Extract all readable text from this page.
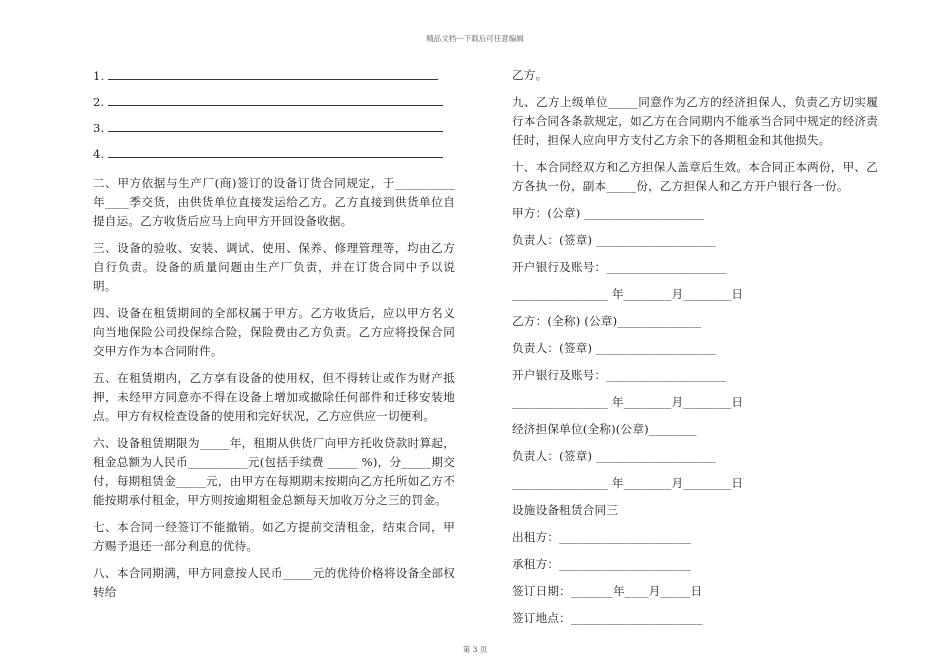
精品文档---下载后可任意编辑
1.
2.
3.
4.

二、甲方依据与生产厂(商)签订的设备订货合同规定，于__________年____季交货，由供货单位直接发运给乙方。乙方直接到供货单位自提自运。乙方收货后应马上向甲方开回设备收据。

三、设备的验收、安装、调试、使用、保养、修理管理等，均由乙方自行负责。设备的质量问题由生产厂负责，并在订货合同中予以说明。

四、设备在租赁期间的全部权属于甲方。乙方收货后，应以甲方名义向当地保险公司投保综合险，保险费由乙方负责。乙方应将投保合同交甲方作为本合同附件。

五、在租赁期内，乙方享有设备的使用权，但不得转让或作为财产抵押，未经甲方同意亦不得在设备上增加或撤除任何部件和迁移安装地点。甲方有权检查设备的使用和完好状况，乙方应供应一切便利。

六、设备租赁期限为_____年，租期从供货厂向甲方托收贷款时算起，租金总额为人民币__________元(包括手续费 _____ %)，分_____期交付，每期租赁金_____元，由甲方在每期期末按期向乙方托所如乙方不能按期承付租金，甲方则按逾期租金总额每天加收万分之三的罚金。

七、本合同一经签订不能撤销。如乙方提前交清租金，结束合同，甲方赐予退还一部分利息的优待。

八、本合同期满，甲方同意按人民币_____元的优待价格将设备全部权转给

乙方。

九、乙方上级单位_____同意作为乙方的经济担保人，负责乙方切实履行本合同各条款规定，如乙方在合同期内不能承当合同中规定的经济责任时，担保人应向甲方支付乙方余下的各期租金和其他损失。

十、本合同经双方和乙方担保人盖章后生效。本合同正本两份，甲、乙方各执一份，副本_____份，乙方担保人和乙方开户银行各一份。

甲方：(公章) ____________________
负责人：(签章) ____________________
开户银行及账号：____________________
________________ 年________月________日
乙方：(全称) (公章)______________
负责人：(签章) ____________________
开户银行及账号：____________________
________________ 年________月________日
经济担保单位(全称)(公章)________
负责人：(签章) ____________________
________________ 年________月________日
设施设备租赁合同三
出租方：______________________
承租方：______________________
签订日期：_______年____月_____日
签订地点：______________________
第 3 页
